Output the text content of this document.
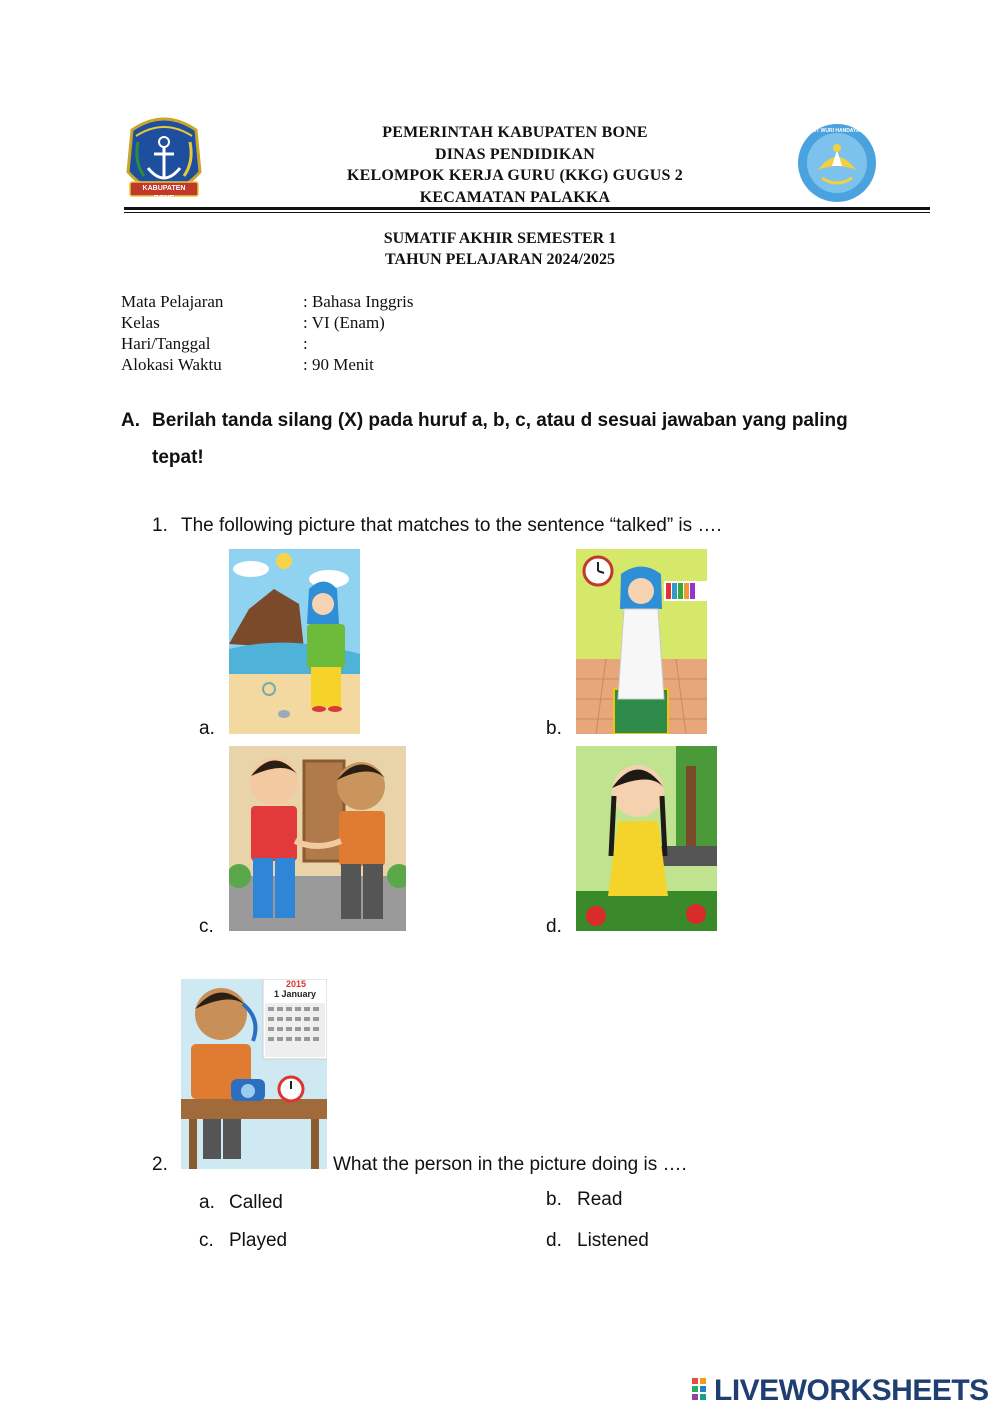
KABUPATEN BONE
TUT WURI HANDAYANI
PEMERINTAH KABUPATEN BONE
DINAS PENDIDIKAN
KELOMPOK KERJA GURU (KKG) GUGUS 2
KECAMATAN PALAKKA
SUMATIF AKHIR SEMESTER 1
TAHUN PELAJARAN 2024/2025
Mata Pelajaran	: Bahasa Inggris
Kelas	: VI (Enam)
Hari/Tanggal	:
Alokasi Waktu	: 90 Menit
A. Berilah tanda silang (X) pada huruf a, b, c, atau d sesuai jawaban yang paling
tepat!
1. The following picture that matches to the sentence “talked” is ….
a.	b.
c.	d.
2.
2015
1 January
What the person in the picture doing is ….
a. Called	b. Read
c. Played	d. Listened
LIVEWORKSHEETS
